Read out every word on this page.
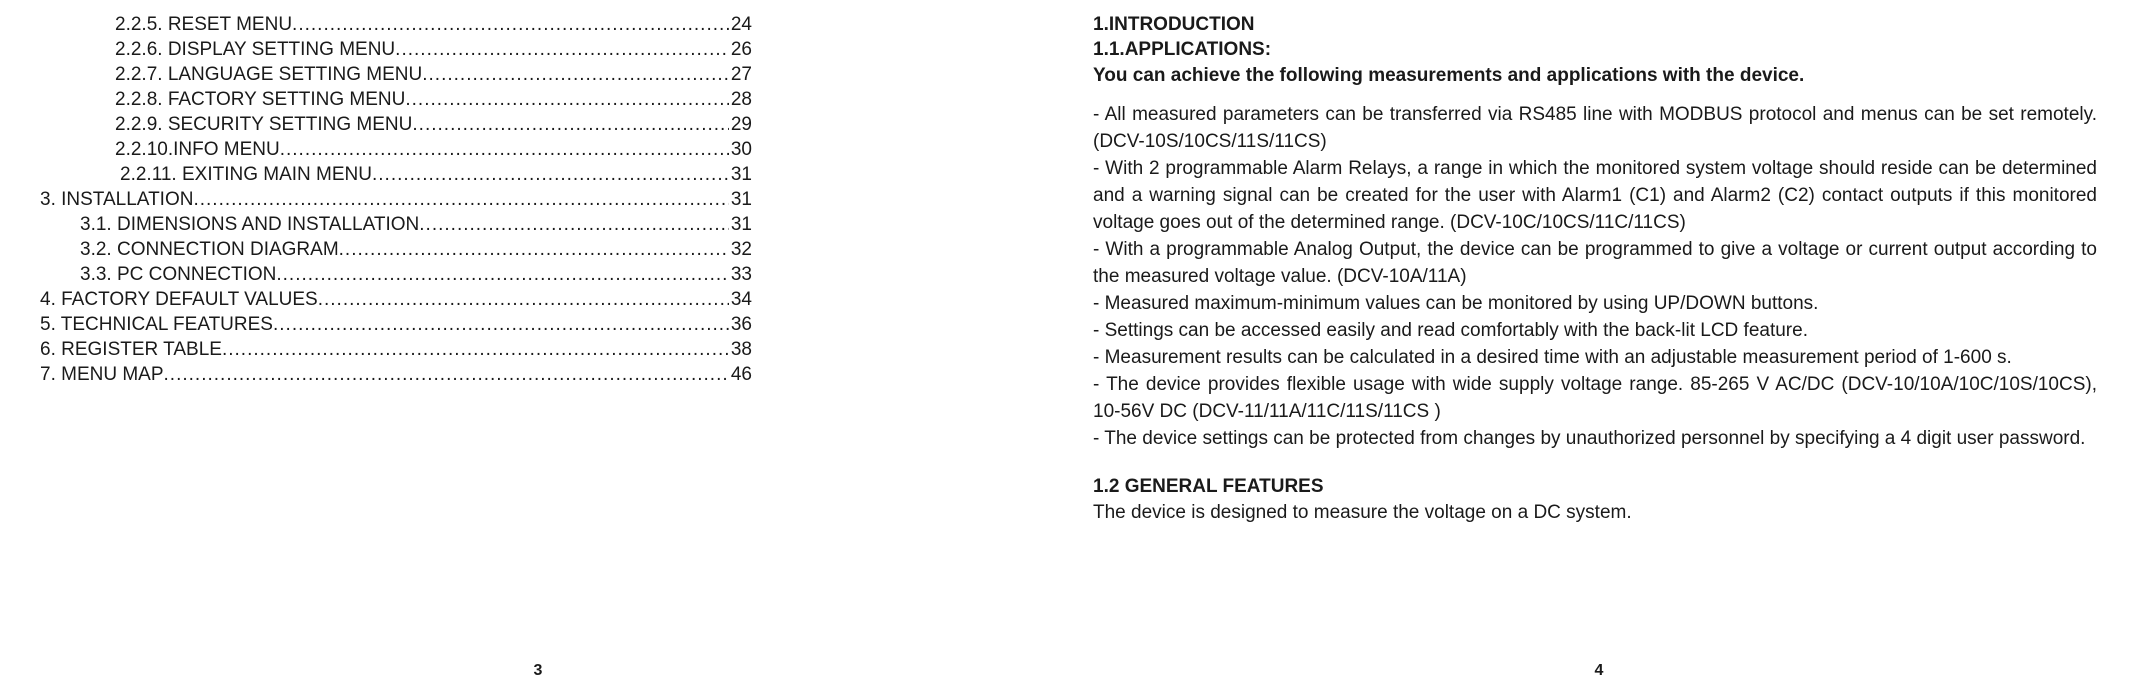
2.2.5. RESET MENU .....	24
2.2.6. DISPLAY SETTING MENU .....	26
2.2.7. LANGUAGE SETTING MENU .....	27
2.2.8. FACTORY SETTING MENU .....	28
2.2.9. SECURITY SETTING MENU .....	29
2.2.10.INFO MENU .....	30
2.2.11. EXITING MAIN MENU .....	31
3. INSTALLATION .....	31
3.1. DIMENSIONS AND INSTALLATION .....	31
3.2. CONNECTION DIAGRAM .....	32
3.3. PC CONNECTION .....	33
4. FACTORY DEFAULT VALUES .....	34
5. TECHNICAL FEATURES .....	36
6. REGISTER TABLE .....	38
7. MENU MAP .....	46
3

1.INTRODUCTION

1.1.APPLICATIONS:

You can achieve the following measurements and applications with the device.

- All measured parameters can be transferred via RS485 line with MODBUS protocol and menus can be set remotely. (DCV-10S/10CS/11S/11CS)

- With 2 programmable Alarm Relays, a range in which the monitored system voltage should reside can be determined and a warning signal can be created for the user with Alarm1 (C1) and Alarm2 (C2) contact outputs if this monitored voltage goes out of the determined range. (DCV-10C/10CS/11C/11CS)

- With a programmable Analog Output, the device can be programmed to give a voltage or current output according to the measured voltage value. (DCV-10A/11A)

- Measured maximum-minimum values can be monitored by using UP/DOWN buttons.

- Settings can be accessed easily and read comfortably with the back-lit LCD feature.

- Measurement results can be calculated in a desired time with an adjustable measurement period of 1-600 s.

- The device provides flexible usage with wide supply voltage range. 85-265 V AC/DC (DCV-10/10A/10C/10S/10CS), 10-56V DC (DCV-11/11A/11C/11S/11CS )

- The device settings can be protected from changes by unauthorized personnel by specifying a 4 digit user password.

1.2 GENERAL FEATURES

The device is designed to measure the voltage on a DC system.

4
